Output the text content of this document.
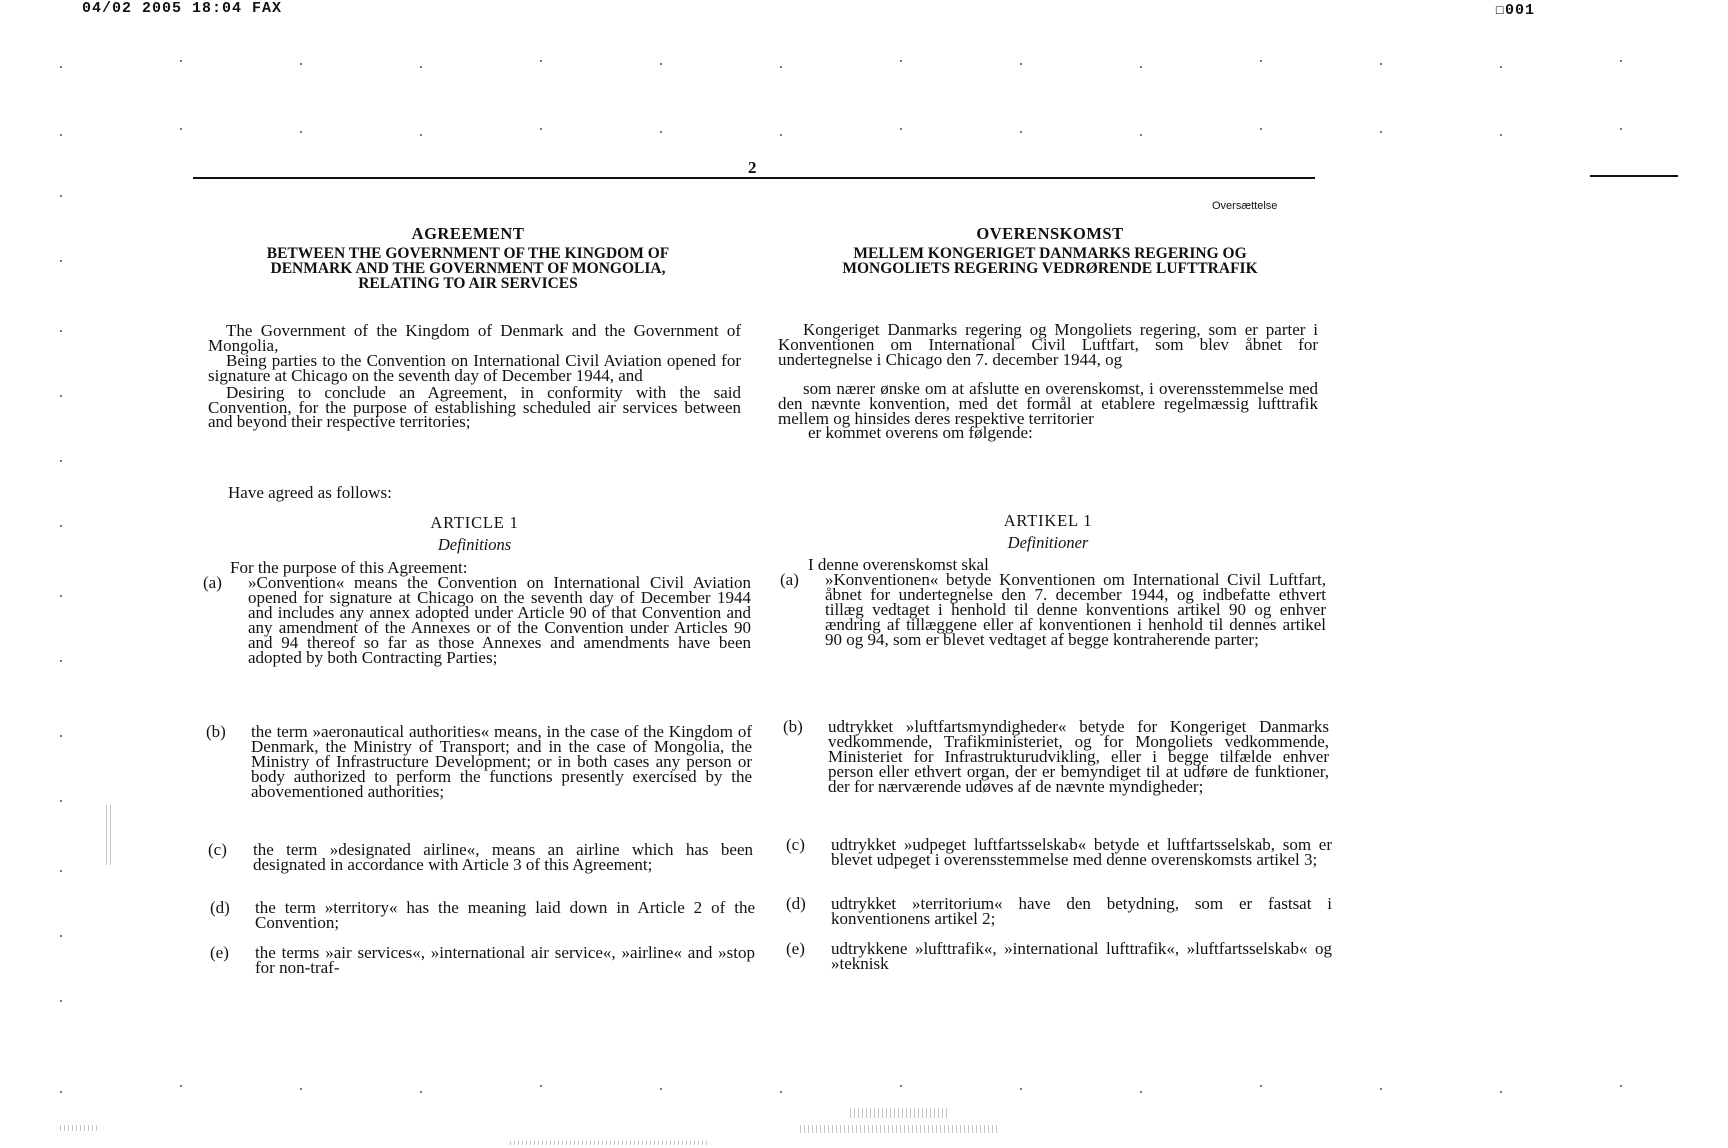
04/02 2005 18:04 FAX	☐001
2
Oversættelse
AGREEMENT
BETWEEN THE GOVERNMENT OF THE KINGDOM OF DENMARK AND THE GOVERNMENT OF MONGOLIA, RELATING TO AIR SERVICES

The Government of the Kingdom of Denmark and the Government of Mongolia,

Being parties to the Convention on International Civil Aviation opened for signature at Chicago on the seventh day of December 1944, and

Desiring to conclude an Agreement, in conformity with the said Convention, for the purpose of establishing scheduled air services between and beyond their respective territories;

Have agreed as follows:
ARTICLE 1
Definitions
For the purpose of this Agreement:
(a) »Convention« means the Convention on International Civil Aviation opened for signature at Chicago on the seventh day of December 1944 and includes any annex adopted under Article 90 of that Convention and any amendment of the Annexes or of the Convention under Articles 90 and 94 thereof so far as those Annexes and amendments have been adopted by both Contracting Parties;
(b) the term »aeronautical authorities« means, in the case of the Kingdom of Denmark, the Ministry of Transport; and in the case of Mongolia, the Ministry of Infrastructure Development; or in both cases any person or body authorized to perform the functions presently exercised by the abovementioned authorities;
(c) the term »designated airline«, means an airline which has been designated in accordance with Article 3 of this Agreement;
(d) the term »territory« has the meaning laid down in Article 2 of the Convention;
(e) the terms »air services«, »international air service«, »airline« and »stop for non-traf-
OVERENSKOMST
MELLEM KONGERIGET DANMARKS REGERING OG MONGOLIETS REGERING VEDRØRENDE LUFTTRAFIK

Kongeriget Danmarks regering og Mongoliets regering, som er parter i Konventionen om International Civil Luftfart, som blev åbnet for undertegnelse i Chicago den 7. december 1944, og

som nærer ønske om at afslutte en overenskomst, i overensstemmelse med den nævnte konvention, med det formål at etablere regelmæssig lufttrafik mellem og hinsides deres respektive territorier

er kommet overens om følgende:

ARTIKEL 1
Definitioner
I denne overenskomst skal
(a) »Konventionen« betyde Konventionen om International Civil Luftfart, åbnet for undertegnelse den 7. december 1944, og indbefatte ethvert tillæg vedtaget i henhold til denne konventions artikel 90 og enhver ændring af tillæggene eller af konventionen i henhold til dennes artikel 90 og 94, som er blevet vedtaget af begge kontraherende parter;
(b) udtrykket »luftfartsmyndigheder« betyde for Kongeriget Danmarks vedkommende, Trafikministeriet, og for Mongoliets vedkommende, Ministeriet for Infrastrukturudvikling, eller i begge tilfælde enhver person eller ethvert organ, der er bemyndiget til at udføre de funktioner, der for nærværende udøves af de nævnte myndigheder;
(c) udtrykket »udpeget luftfartsselskab« betyde et luftfartsselskab, som er blevet udpeget i overensstemmelse med denne overenskomsts artikel 3;
(d) udtrykket »territorium« have den betydning, som er fastsat i konventionens artikel 2;
(e) udtrykkene »lufttrafik«, »international lufttrafik«, »luftfartsselskab« og »teknisk
